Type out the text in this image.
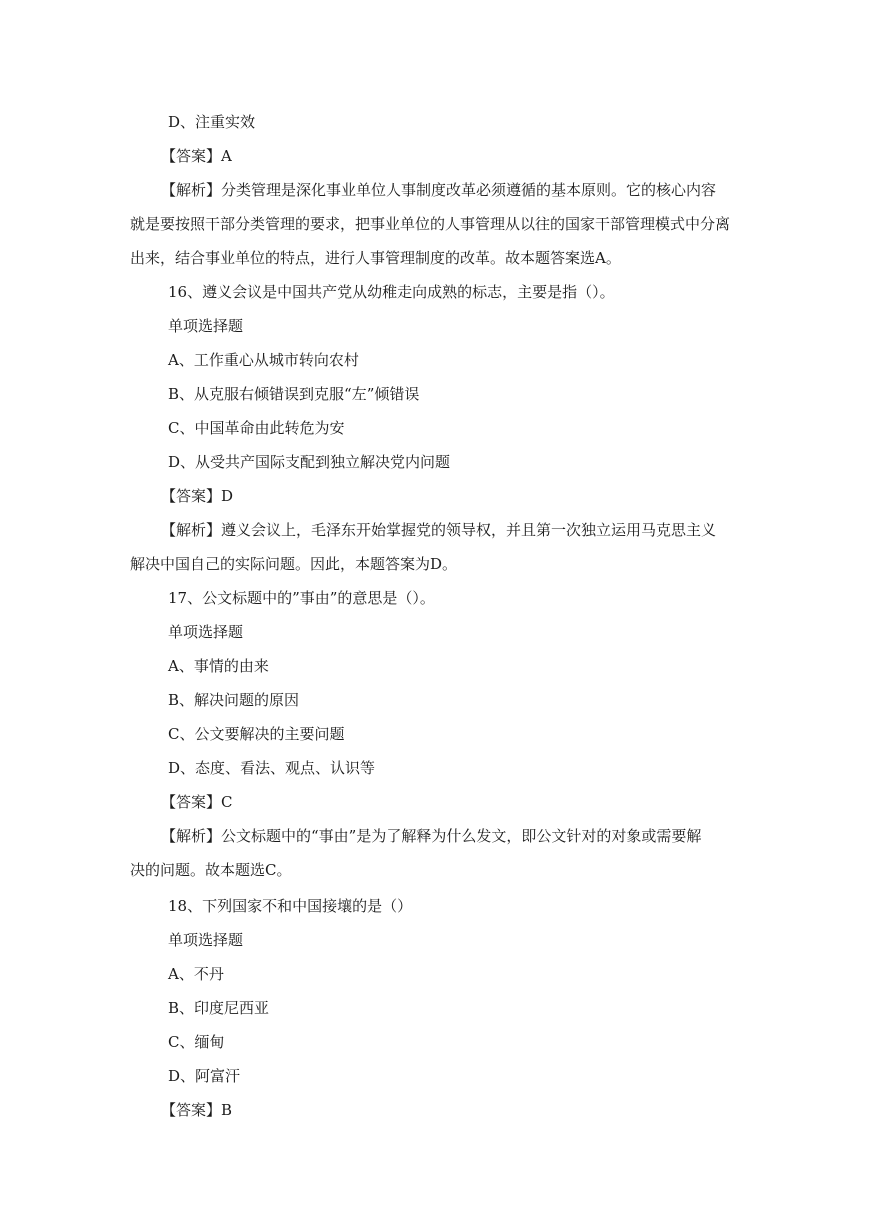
D、注重实效
【答案】A
【解析】分类管理是深化事业单位人事制度改革必须遵循的基本原则。它的核心内容
就是要按照干部分类管理的要求，把事业单位的人事管理从以往的国家干部管理模式中分离
出来，结合事业单位的特点，进行人事管理制度的改革。故本题答案选A。
16、遵义会议是中国共产党从幼稚走向成熟的标志，主要是指（）。
单项选择题
A、工作重心从城市转向农村
B、从克服右倾错误到克服“左”倾错误
C、中国革命由此转危为安
D、从受共产国际支配到独立解决党内问题
【答案】D
【解析】遵义会议上，毛泽东开始掌握党的领导权，并且第一次独立运用马克思主义
解决中国自己的实际问题。因此，本题答案为D。
17、公文标题中的”事由”的意思是（）。
单项选择题
A、事情的由来
B、解决问题的原因
C、公文要解决的主要问题
D、态度、看法、观点、认识等
【答案】C
【解析】公文标题中的“事由”是为了解释为什么发文，即公文针对的对象或需要解
决的问题。故本题选C。
18、下列国家不和中国接壤的是（）
单项选择题
A、不丹
B、印度尼西亚
C、缅甸
D、阿富汗
【答案】B
